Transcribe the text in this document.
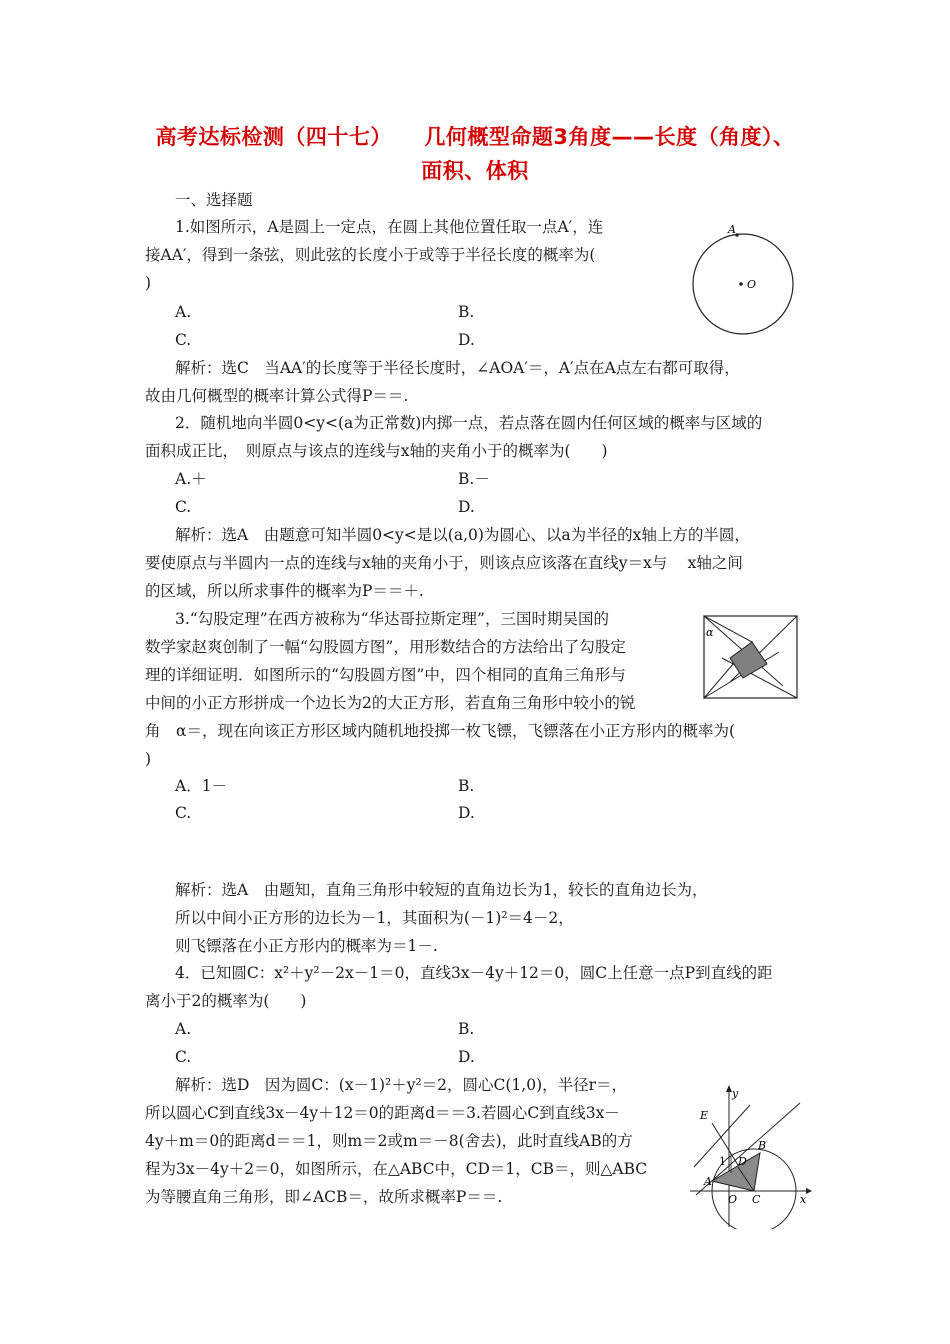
高考达标检测（四十七）　　几何概型命题3角度——长度（角度）、
面积、体积
一、选择题
1.如图所示，A是圆上一定点，在圆上其他位置任取一点A′，连
接AA′，得到一条弦，则此弦的长度小于或等于半径长度的概率为(
)
A.	B.
C.	D.
解析：选C　当AA′的长度等于半径长度时，∠AOA′＝，A′点在A点左右都可取得，
故由几何概型的概率计算公式得P＝＝.
A
O
2．随机地向半圆0<y<(a为正常数)内掷一点，若点落在圆内任何区域的概率与区域的
面积成正比，　则原点与该点的连线与x轴的夹角小于的概率为(　　)
A.＋	B.－
C.	D.
解析：选A　由题意可知半圆0<y<是以(a,0)为圆心、以a为半径的x轴上方的半圆，
要使原点与半圆内一点的连线与x轴的夹角小于，则该点应该落在直线y＝x与　 x轴之间
的区域，所以所求事件的概率为P＝＝＋.
3.“勾股定理”在西方被称为“华达哥拉斯定理”，三国时期吴国的
数学家赵爽创制了一幅“勾股圆方图”，用形数结合的方法给出了勾股定
理的详细证明．如图所示的“勾股圆方图”中，四个相同的直角三角形与
中间的小正方形拼成一个边长为2的大正方形，若直角三角形中较小的锐
角　α＝，现在向该正方形区域内随机地投掷一枚飞镖，飞镖落在小正方形内的概率为(
)
A．1－	B.
C.	D.
解析：选A　由题知，直角三角形中较短的直角边长为1，较长的直角边长为，
所以中间小正方形的边长为－1，其面积为(－1)²＝4－2，
则飞镖落在小正方形内的概率为＝1－.
α
4．已知圆C：x²＋y²－2x－1＝0，直线3x－4y＋12＝0，圆C上任意一点P到直线的距
离小于2的概率为(　　)
A.	B.
C.	D.
解析：选D　因为圆C：(x－1)²＋y²＝2，圆心C(1,0)，半径r＝，
所以圆心C到直线3x－4y＋12＝0的距离d＝＝3.若圆心C到直线3x－
4y＋m＝0的距离d＝＝1，则m＝2或m＝－8(舍去)，此时直线AB的方
程为3x－4y＋2＝0，如图所示，在△ABC中，CD＝1，CB＝，则△ABC
为等腰直角三角形，即∠ACB＝，故所求概率P＝＝.
E
y
B
1 D
A
O C	x
